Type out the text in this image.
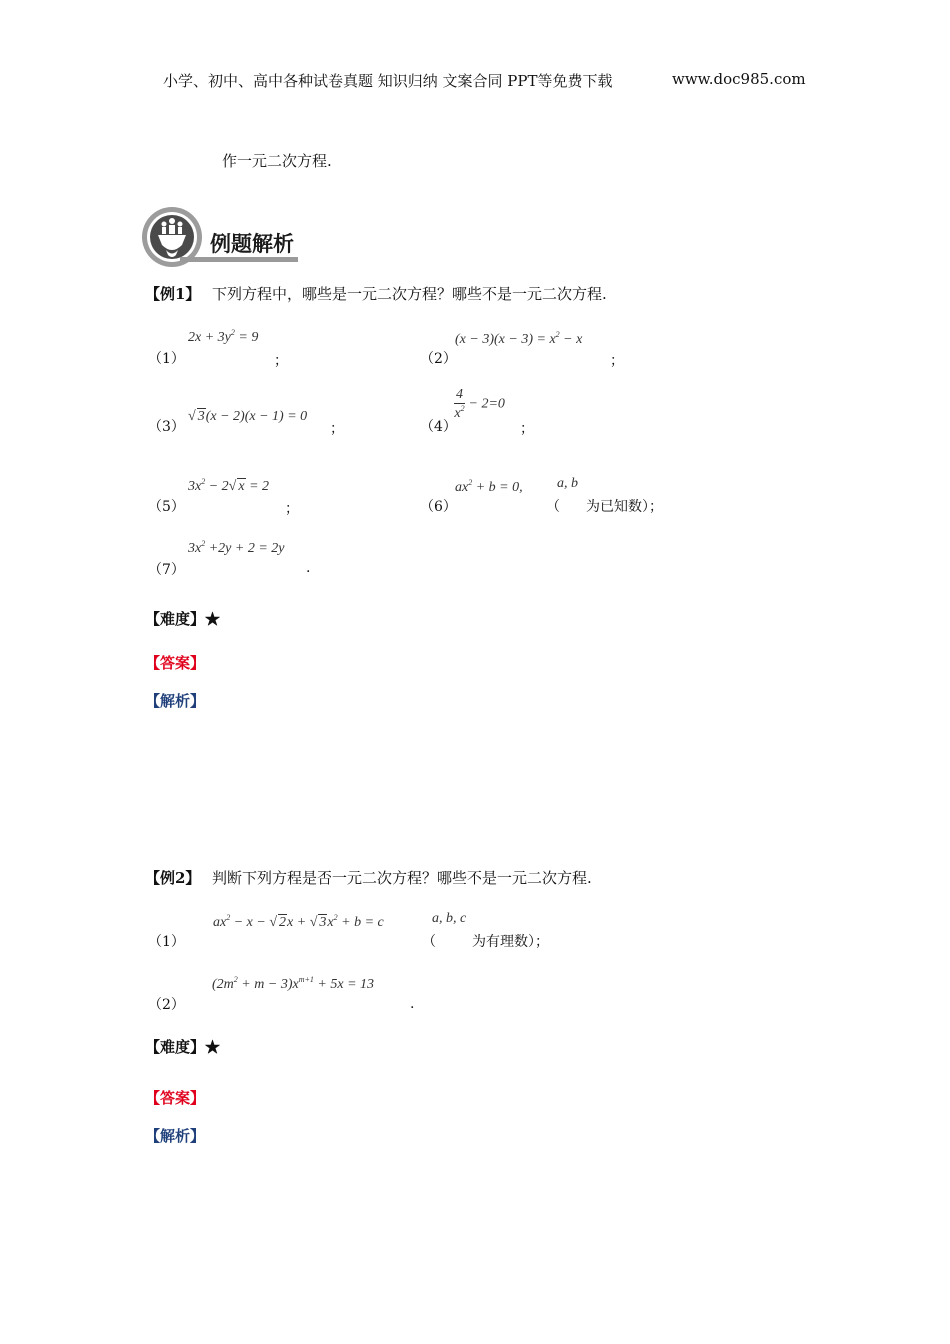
小学、初中、高中各种试卷真题 知识归纳 文案合同 PPT等免费下载	www.doc985.com
作一元二次方程.
例题解析
【例1】 下列方程中，哪些是一元二次方程？哪些不是一元二次方程.
（1）
$2x + 3y^2 = 9$
；	（2）
$(x - 3)(x - 3) = x^2 - x$
；
（3）
√ 3(x − 2)(x − 1) = 0
；	（4）
$\frac{4}{x^2} - 2=0$
；
（5）
$3x^2 - 2√$ x = 2
；	（6）
$ax^2 + b = 0$, a, b
（ 为已知数）；
（7）
$3x^2 +2y + 2 = 2y$
.
【难度】★
【答案】
【解析】
【例2】 判断下列方程是否一元二次方程？哪些不是一元二次方程.
（1）
$ax^2 - x$ − √ 2x + √ $3x^2 + b = c$	a, b, c
（	为有理数）；
（2）
$(2m^2 + m - 3)x^{m+1} + 5x = 13$
.
【难度】★
【答案】
【解析】
